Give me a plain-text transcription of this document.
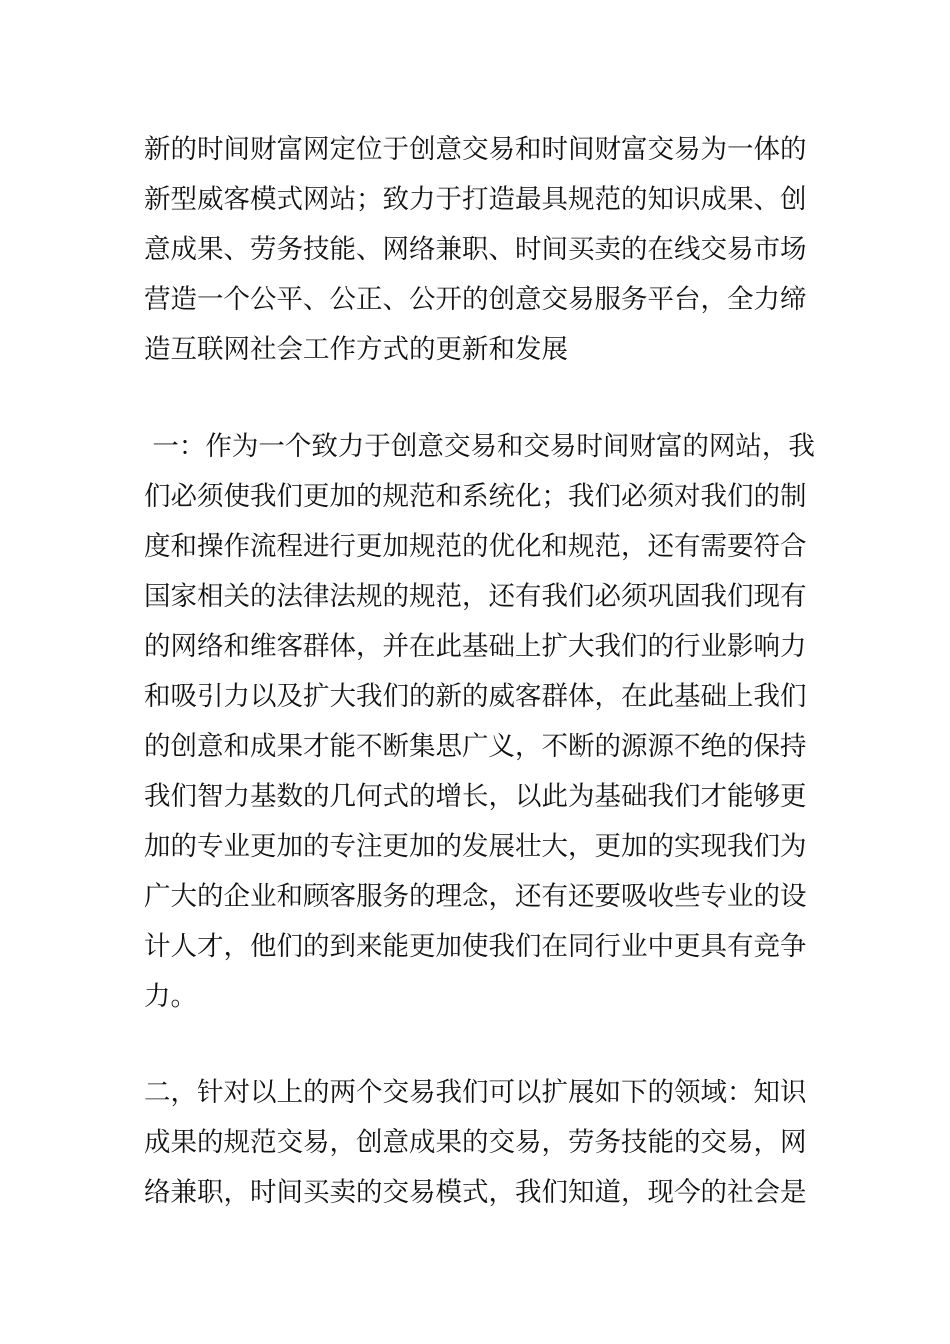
新的时间财富网定位于创意交易和时间财富交易为一体的
新型威客模式网站；致力于打造最具规范的知识成果、创
意成果、劳务技能、网络兼职、时间买卖的在线交易市场
营造一个公平、公正、公开的创意交易服务平台，全力缔
造互联网社会工作方式的更新和发展
一：作为一个致力于创意交易和交易时间财富的网站，我
们必须使我们更加的规范和系统化；我们必须对我们的制
度和操作流程进行更加规范的优化和规范，还有需要符合
国家相关的法律法规的规范，还有我们必须巩固我们现有
的网络和维客群体，并在此基础上扩大我们的行业影响力
和吸引力以及扩大我们的新的威客群体，在此基础上我们
的创意和成果才能不断集思广义，不断的源源不绝的保持
我们智力基数的几何式的增长，以此为基础我们才能够更
加的专业更加的专注更加的发展壮大，更加的实现我们为
广大的企业和顾客服务的理念，还有还要吸收些专业的设
计人才，他们的到来能更加使我们在同行业中更具有竞争
力。
二，针对以上的两个交易我们可以扩展如下的领域：知识
成果的规范交易，创意成果的交易，劳务技能的交易，网
络兼职，时间买卖的交易模式，我们知道，现今的社会是
